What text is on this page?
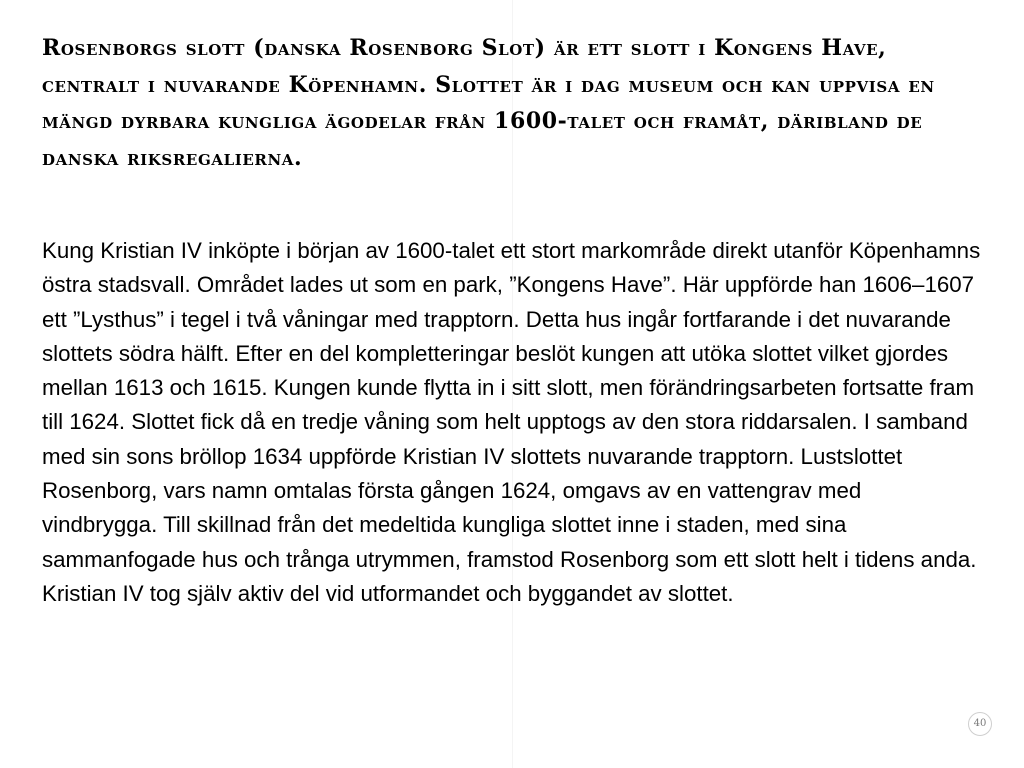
Rosenborgs slott (danska Rosenborg Slot) är ett slott i Kongens Have, centralt i nuvarande Köpenhamn. Slottet är i dag museum och kan uppvisa en mängd dyrbara kungliga ägodelar från 1600-talet och framåt, däribland de danska riksregalierna.

Kung Kristian IV inköpte i början av 1600-talet ett stort markområde direkt utanför Köpenhamns östra stadsvall. Området lades ut som en park, ”Kongens Have”. Här uppförde han 1606–1607 ett ”Lysthus” i tegel i två våningar med trapptorn. Detta hus ingår fortfarande i det nuvarande slottets södra hälft. Efter en del kompletteringar beslöt kungen att utöka slottet vilket gjordes mellan 1613 och 1615. Kungen kunde flytta in i sitt slott, men förändringsarbeten fortsatte fram till 1624. Slottet fick då en tredje våning som helt upptogs av den stora riddarsalen. I samband med sin sons bröllop 1634 uppförde Kristian IV slottets nuvarande trapptorn. Lustslottet Rosenborg, vars namn omtalas första gången 1624, omgavs av en vattengrav med vindbrygga. Till skillnad från det medeltida kungliga slottet inne i staden, med sina sammanfogade hus och trånga utrymmen, framstod Rosenborg som ett slott helt i tidens anda. Kristian IV tog själv aktiv del vid utformandet och byggandet av slottet.

40
